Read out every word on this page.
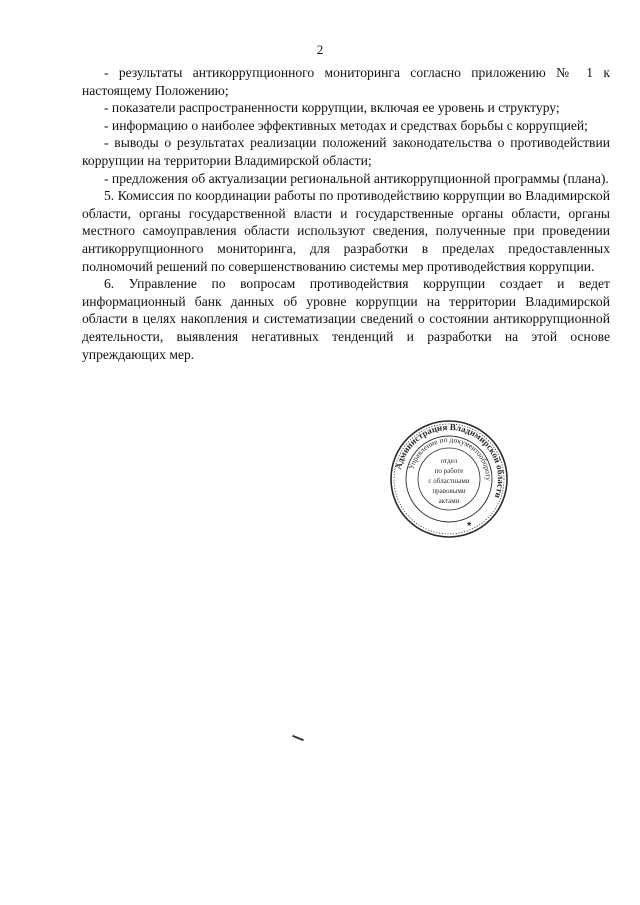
2

- результаты антикоррупционного мониторинга согласно приложению № 1 к настоящему Положению;

- показатели распространенности коррупции, включая ее уровень и структуру;

- информацию о наиболее эффективных методах и средствах борьбы с коррупцией;

- выводы о результатах реализации положений законодательства о противодействии коррупции на территории Владимирской области;

- предложения об актуализации региональной антикоррупционной программы (плана).

5. Комиссия по координации работы по противодействию коррупции во Владимирской области, органы государственной власти и государственные органы области, органы местного самоуправления области используют сведения, полученные при проведении антикоррупционного мониторинга, для разработки в пределах предоставленных полномочий решений по совершенствованию системы мер противодействия коррупции.

6. Управление по вопросам противодействия коррупции создает и ведет информационный банк данных об уровне коррупции на территории Владимирской области в целях накопления и систематизации сведений о состоянии антикоррупционной деятельности, выявления негативных тенденций и разработки на этой основе упреждающих мер.

Администрация Владимирской области
Управление по документообороту
отдел
по работе
с областными
правовыми
актами
★
